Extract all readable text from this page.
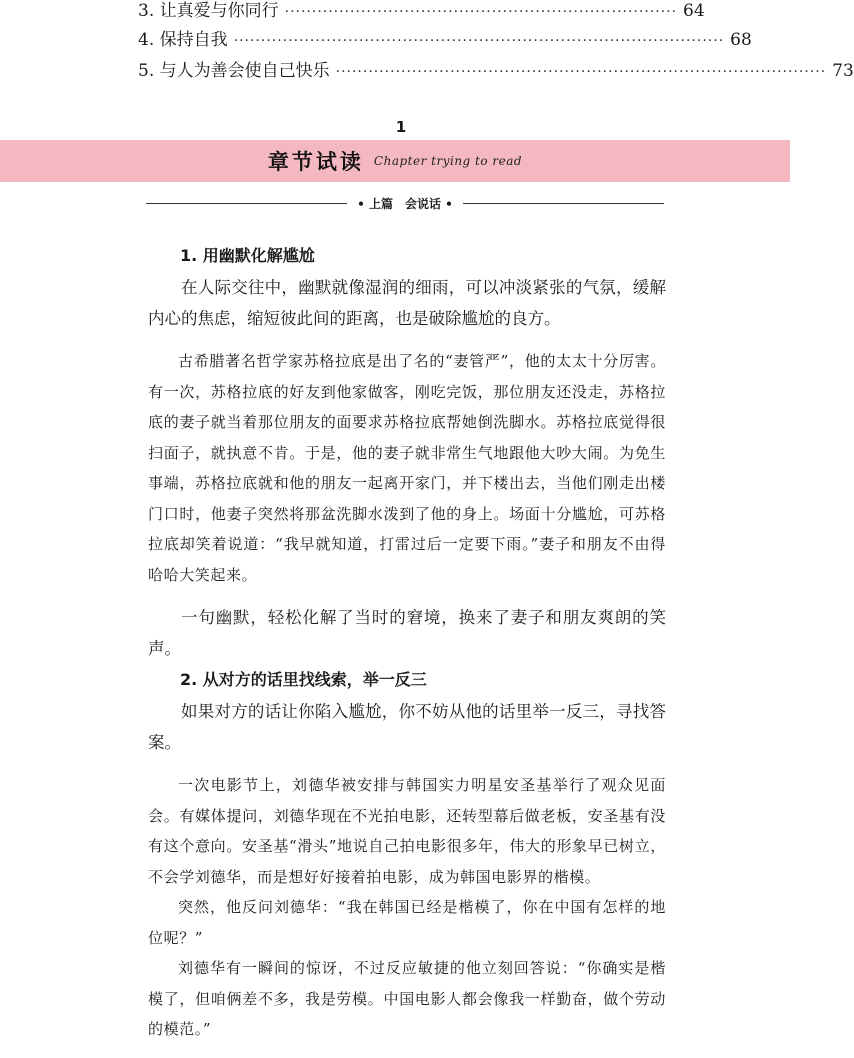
3. 让真爱与你同行 ········································································ 64
4. 保持自我 ·························································································· 68
5. 与人为善会使自己快乐 ·························································································· 73
1
章节试读 Chapter trying to read
• 上篇　会说话 •
1. 用幽默化解尴尬

在人际交往中，幽默就像湿润的细雨，可以冲淡紧张的气氛，缓解内心的焦虑，缩短彼此间的距离，也是破除尴尬的良方。

古希腊著名哲学家苏格拉底是出了名的“妻管严”，他的太太十分厉害。有一次，苏格拉底的好友到他家做客，刚吃完饭，那位朋友还没走，苏格拉底的妻子就当着那位朋友的面要求苏格拉底帮她倒洗脚水。苏格拉底觉得很扫面子，就执意不肯。于是，他的妻子就非常生气地跟他大吵大闹。为免生事端，苏格拉底就和他的朋友一起离开家门，并下楼出去，当他们刚走出楼门口时，他妻子突然将那盆洗脚水泼到了他的身上。场面十分尴尬，可苏格拉底却笑着说道：“我早就知道，打雷过后一定要下雨。”妻子和朋友不由得哈哈大笑起来。

一句幽默，轻松化解了当时的窘境，换来了妻子和朋友爽朗的笑声。

2. 从对方的话里找线索，举一反三

如果对方的话让你陷入尴尬，你不妨从他的话里举一反三，寻找答案。

一次电影节上，刘德华被安排与韩国实力明星安圣基举行了观众见面会。有媒体提问，刘德华现在不光拍电影，还转型幕后做老板，安圣基有没有这个意向。安圣基“滑头”地说自己拍电影很多年，伟大的形象早已树立，不会学刘德华，而是想好好接着拍电影，成为韩国电影界的楷模。

突然，他反问刘德华：“我在韩国已经是楷模了，你在中国有怎样的地位呢？”

刘德华有一瞬间的惊讶，不过反应敏捷的他立刻回答说：“你确实是楷模了，但咱俩差不多，我是劳模。中国电影人都会像我一样勤奋，做个劳动的模范。”
